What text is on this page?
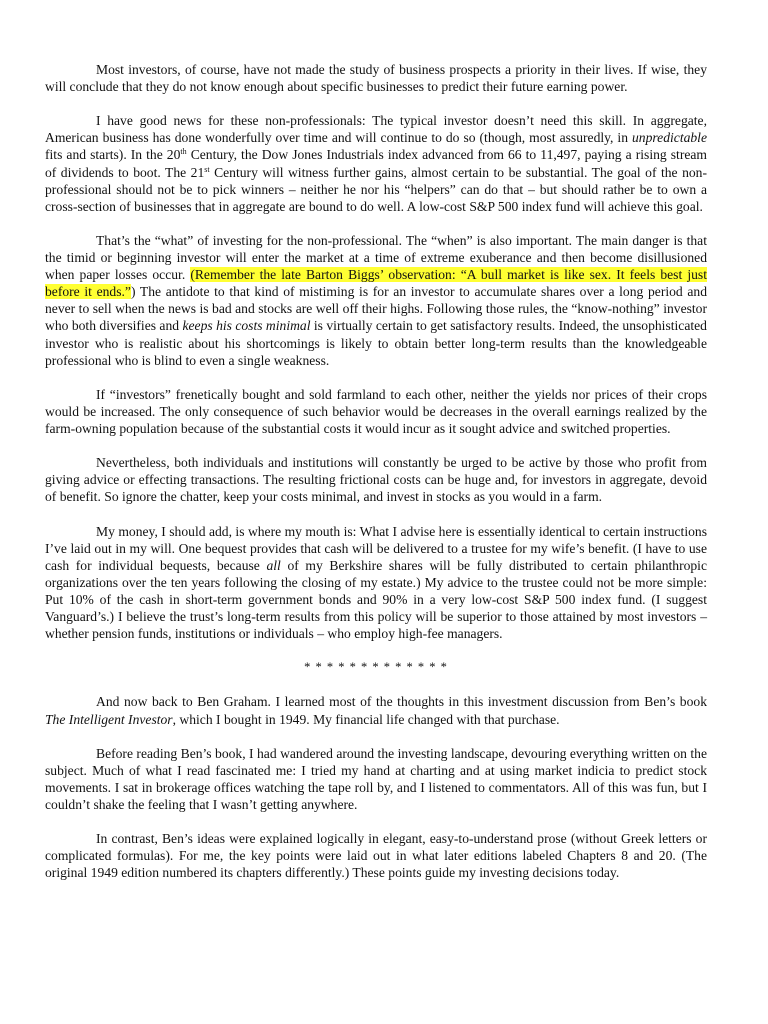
Most investors, of course, have not made the study of business prospects a priority in their lives. If wise, they will conclude that they do not know enough about specific businesses to predict their future earning power.

I have good news for these non-professionals: The typical investor doesn’t need this skill. In aggregate, American business has done wonderfully over time and will continue to do so (though, most assuredly, in unpredictable fits and starts). In the 20th Century, the Dow Jones Industrials index advanced from 66 to 11,497, paying a rising stream of dividends to boot. The 21st Century will witness further gains, almost certain to be substantial. The goal of the non-professional should not be to pick winners – neither he nor his “helpers” can do that – but should rather be to own a cross-section of businesses that in aggregate are bound to do well. A low-cost S&P 500 index fund will achieve this goal.

That’s the “what” of investing for the non-professional. The “when” is also important. The main danger is that the timid or beginning investor will enter the market at a time of extreme exuberance and then become disillusioned when paper losses occur. (Remember the late Barton Biggs’ observation: “A bull market is like sex. It feels best just before it ends.”) The antidote to that kind of mistiming is for an investor to accumulate shares over a long period and never to sell when the news is bad and stocks are well off their highs. Following those rules, the “know-nothing” investor who both diversifies and keeps his costs minimal is virtually certain to get satisfactory results. Indeed, the unsophisticated investor who is realistic about his shortcomings is likely to obtain better long-term results than the knowledgeable professional who is blind to even a single weakness.

If “investors” frenetically bought and sold farmland to each other, neither the yields nor prices of their crops would be increased. The only consequence of such behavior would be decreases in the overall earnings realized by the farm-owning population because of the substantial costs it would incur as it sought advice and switched properties.

Nevertheless, both individuals and institutions will constantly be urged to be active by those who profit from giving advice or effecting transactions. The resulting frictional costs can be huge and, for investors in aggregate, devoid of benefit. So ignore the chatter, keep your costs minimal, and invest in stocks as you would in a farm.

My money, I should add, is where my mouth is: What I advise here is essentially identical to certain instructions I’ve laid out in my will. One bequest provides that cash will be delivered to a trustee for my wife’s benefit. (I have to use cash for individual bequests, because all of my Berkshire shares will be fully distributed to certain philanthropic organizations over the ten years following the closing of my estate.) My advice to the trustee could not be more simple: Put 10% of the cash in short-term government bonds and 90% in a very low-cost S&P 500 index fund. (I suggest Vanguard’s.) I believe the trust’s long-term results from this policy will be superior to those attained by most investors – whether pension funds, institutions or individuals – who employ high-fee managers.

* * * * * * * * * * * * *

And now back to Ben Graham. I learned most of the thoughts in this investment discussion from Ben’s book The Intelligent Investor, which I bought in 1949. My financial life changed with that purchase.

Before reading Ben’s book, I had wandered around the investing landscape, devouring everything written on the subject. Much of what I read fascinated me: I tried my hand at charting and at using market indicia to predict stock movements. I sat in brokerage offices watching the tape roll by, and I listened to commentators. All of this was fun, but I couldn’t shake the feeling that I wasn’t getting anywhere.

In contrast, Ben’s ideas were explained logically in elegant, easy-to-understand prose (without Greek letters or complicated formulas). For me, the key points were laid out in what later editions labeled Chapters 8 and 20. (The original 1949 edition numbered its chapters differently.) These points guide my investing decisions today.
